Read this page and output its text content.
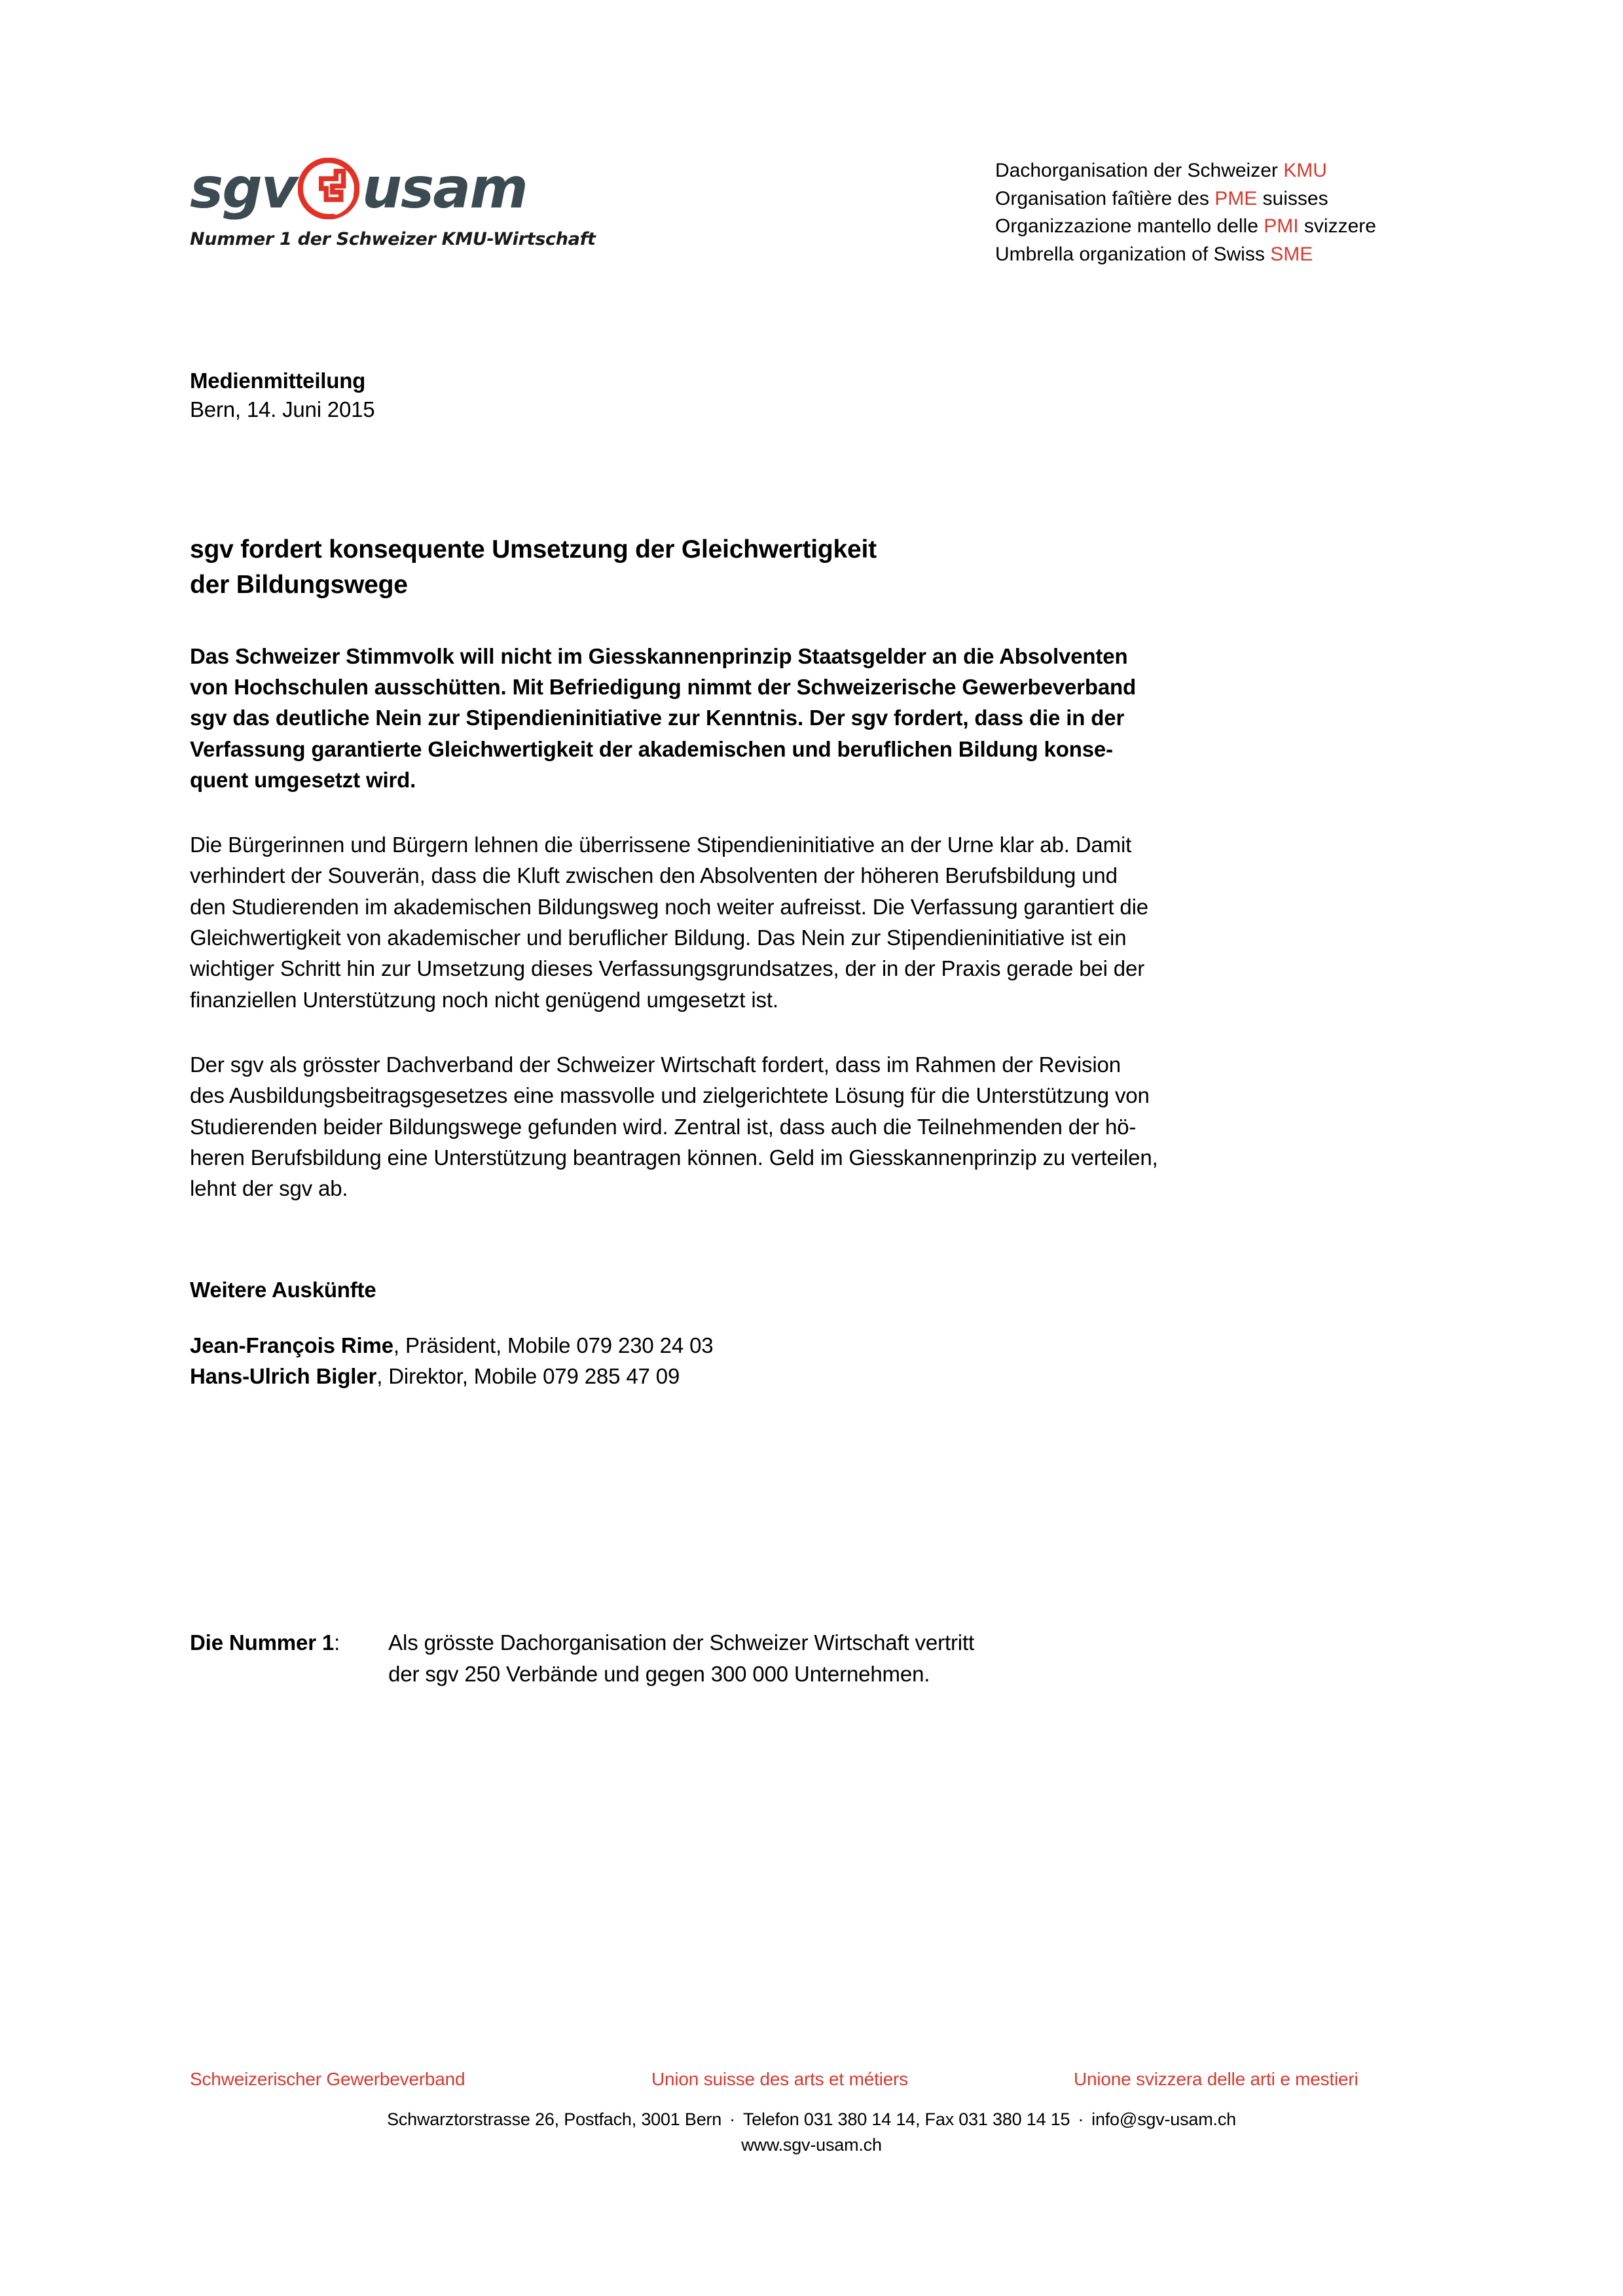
sgv usam
Nummer 1 der Schweizer KMU-Wirtschaft
Dachorganisation der Schweizer KMU
Organisation faîtière des PME suisses
Organizzazione mantello delle PMI svizzere
Umbrella organization of Swiss SME
Medienmitteilung
Bern, 14. Juni 2015
sgv fordert konsequente Umsetzung der Gleichwertigkeit
der Bildungswege
Das Schweizer Stimmvolk will nicht im Giesskannenprinzip Staatsgelder an die Absolventen
von Hochschulen ausschütten. Mit Befriedigung nimmt der Schweizerische Gewerbeverband
sgv das deutliche Nein zur Stipendieninitiative zur Kenntnis. Der sgv fordert, dass die in der
Verfassung garantierte Gleichwertigkeit der akademischen und beruflichen Bildung konse-
quent umgesetzt wird.
Die Bürgerinnen und Bürgern lehnen die überrissene Stipendieninitiative an der Urne klar ab. Damit
verhindert der Souverän, dass die Kluft zwischen den Absolventen der höheren Berufsbildung und
den Studierenden im akademischen Bildungsweg noch weiter aufreisst. Die Verfassung garantiert die
Gleichwertigkeit von akademischer und beruflicher Bildung. Das Nein zur Stipendieninitiative ist ein
wichtiger Schritt hin zur Umsetzung dieses Verfassungsgrundsatzes, der in der Praxis gerade bei der
finanziellen Unterstützung noch nicht genügend umgesetzt ist.
Der sgv als grösster Dachverband der Schweizer Wirtschaft fordert, dass im Rahmen der Revision
des Ausbildungsbeitragsgesetzes eine massvolle und zielgerichtete Lösung für die Unterstützung von
Studierenden beider Bildungswege gefunden wird. Zentral ist, dass auch die Teilnehmenden der hö-
heren Berufsbildung eine Unterstützung beantragen können. Geld im Giesskannenprinzip zu verteilen,
lehnt der sgv ab.
Weitere Auskünfte
Jean-François Rime, Präsident, Mobile 079 230 24 03
Hans-Ulrich Bigler, Direktor, Mobile 079 285 47 09
Die Nummer 1: Als grösste Dachorganisation der Schweizer Wirtschaft vertritt
der sgv 250 Verbände und gegen 300 000 Unternehmen.
Schweizerischer Gewerbeverband	Union suisse des arts et métiers	Unione svizzera delle arti e mestieri
Schwarztorstrasse 26, Postfach, 3001 Bern · Telefon 031 380 14 14, Fax 031 380 14 15 · info@sgv-usam.ch
www.sgv-usam.ch
